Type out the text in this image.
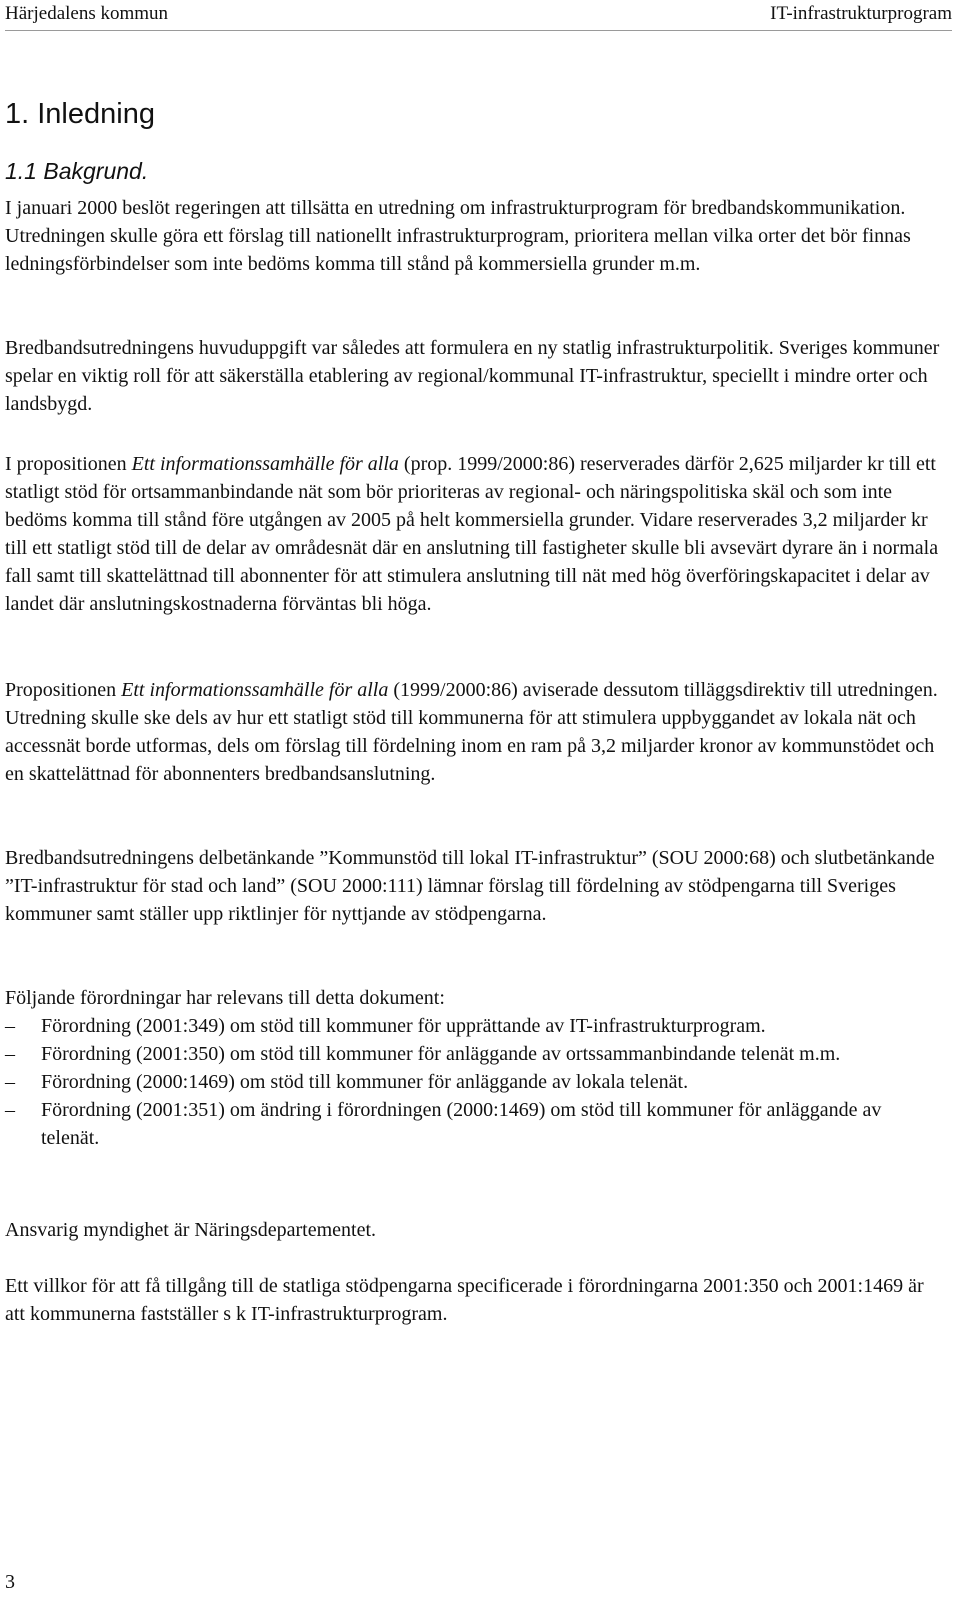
Härjedalens kommun	IT-infrastrukturprogram
1. Inledning
1.1 Bakgrund.

I januari 2000 beslöt regeringen att tillsätta en utredning om infrastrukturprogram för bredbandskommunikation. Utredningen skulle göra ett förslag till nationellt infrastrukturprogram, prioritera mellan vilka orter det bör finnas ledningsförbindelser som inte bedöms komma till stånd på kommersiella grunder m.m.

Bredbandsutredningens huvuduppgift var således att formulera en ny statlig infrastrukturpolitik. Sveriges kommuner spelar en viktig roll för att säkerställa etablering av regional/kommunal IT-infrastruktur, speciellt i mindre orter och landsbygd.

I propositionen Ett informationssamhälle för alla (prop. 1999/2000:86) reserverades därför 2,625 miljarder kr till ett statligt stöd för ortsammanbindande nät som bör prioriteras av regional- och näringspolitiska skäl och som inte bedöms komma till stånd före utgången av 2005 på helt kommersiella grunder. Vidare reserverades 3,2 miljarder kr till ett statligt stöd till de delar av områdesnät där en anslutning till fastigheter skulle bli avsevärt dyrare än i normala fall samt till skattelättnad till abonnenter för att stimulera anslutning till nät med hög överföringskapacitet i delar av landet där anslutningskostnaderna förväntas bli höga.

Propositionen Ett informationssamhälle för alla (1999/2000:86) aviserade dessutom tilläggsdirektiv till utredningen. Utredning skulle ske dels av hur ett statligt stöd till kommunerna för att stimulera uppbyggandet av lokala nät och accessnät borde utformas, dels om förslag till fördelning inom en ram på 3,2 miljarder kronor av kommunstödet och en skattelättnad för abonnenters bredbandsanslutning.

Bredbandsutredningens delbetänkande ”Kommunstöd till lokal IT-infrastruktur” (SOU 2000:68) och slutbetänkande ”IT-infrastruktur för stad och land” (SOU 2000:111) lämnar förslag till fördelning av stödpengarna till Sveriges kommuner samt ställer upp riktlinjer för nyttjande av stödpengarna.

Följande förordningar har relevans till detta dokument:

– Förordning (2001:349) om stöd till kommuner för upprättande av IT-infrastrukturprogram.
– Förordning (2001:350) om stöd till kommuner för anläggande av ortssammanbindande telenät m.m.
– Förordning (2000:1469) om stöd till kommuner för anläggande av lokala telenät.
– Förordning (2001:351) om ändring i förordningen (2000:1469) om stöd till kommuner för anläggande av telenät.

Ansvarig myndighet är Näringsdepartementet.

Ett villkor för att få tillgång till de statliga stödpengarna specificerade i förordningarna 2001:350 och 2001:1469 är att kommunerna fastställer s k IT-infrastrukturprogram.

3
